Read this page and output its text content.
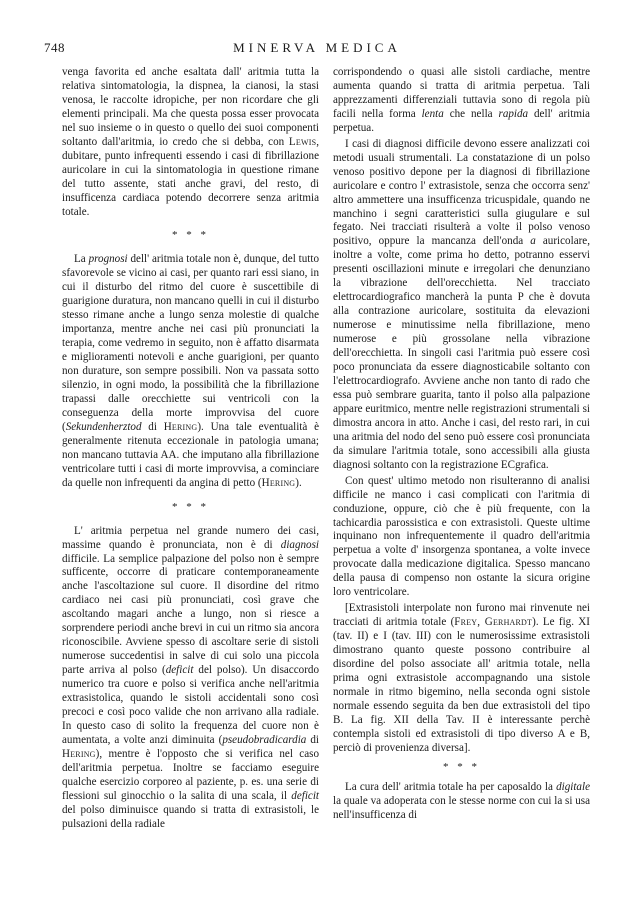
748	MINERVA MEDICA

venga favorita ed anche esaltata dall' aritmia tutta la relativa sintomatologia, la dispnea, la cianosi, la stasi venosa, le raccolte idropiche, per non ricordare che gli elementi principali. Ma che questa possa esser provocata nel suo insieme o in questo o quello dei suoi componenti soltanto dall'aritmia, io credo che si debba, con Lewis, dubitare, punto infrequenti essendo i casi di fibrillazione auricolare in cui la sintomatologia in questione rimane del tutto assente, stati anche gravi, del resto, di insufficenza cardiaca potendo decorrere senza aritmia totale.

* * *

La prognosi dell' aritmia totale non è, dunque, del tutto sfavorevole se vicino ai casi, per quanto rari essi siano, in cui il disturbo del ritmo del cuore è suscettibile di guarigione duratura, non mancano quelli in cui il disturbo stesso rimane anche a lungo senza molestie di qualche importanza, mentre anche nei casi più pronunciati la terapia, come vedremo in seguito, non è affatto disarmata e miglioramenti notevoli e anche guarigioni, per quanto non durature, son sempre possibili. Non va passata sotto silenzio, in ogni modo, la possibilità che la fibrillazione trapassi dalle orecchiette sui ventricoli con la conseguenza della morte improvvisa del cuore (Sekundenherztod di Hering). Una tale eventualità è generalmente ritenuta eccezionale in patologia umana; non mancano tuttavia AA. che imputano alla fibrillazione ventricolare tutti i casi di morte improvvisa, a cominciare da quelle non infrequenti da angina di petto (Hering).

* * *

L' aritmia perpetua nel grande numero dei casi, massime quando è pronunciata, non è di diagnosi difficile. La semplice palpazione del polso non è sempre sufficente, occorre di praticare contemporaneamente anche l'ascoltazione sul cuore. Il disordine del ritmo cardiaco nei casi più pronunciati, così grave che ascoltando magari anche a lungo, non si riesce a sorprendere periodi anche brevi in cui un ritmo sia ancora riconoscibile. Avviene spesso di ascoltare serie di sistoli numerose succedentisi in salve di cui solo una piccola parte arriva al polso (deficit del polso). Un disaccordo numerico tra cuore e polso si verifica anche nell'aritmia extrasistolica, quando le sistoli accidentali sono così precoci e così poco valide che non arrivano alla radiale. In questo caso di solito la frequenza del cuore non è aumentata, a volte anzi diminuita (pseudobradicardia di Hering), mentre è l'opposto che si verifica nel caso dell'aritmia perpetua. Inoltre se facciamo eseguire qualche esercizio corporeo al paziente, p. es. una serie di flessioni sul ginocchio o la salita di una scala, il deficit del polso diminuisce quando si tratta di extrasistoli, le pulsazioni della radiale

corrispondendo o quasi alle sistoli cardiache, mentre aumenta quando si tratta di aritmia perpetua. Tali apprezzamenti differenziali tuttavia sono di regola più facili nella forma lenta che nella rapida dell' aritmia perpetua.

I casi di diagnosi difficile devono essere analizzati coi metodi usuali strumentali. La constatazione di un polso venoso positivo depone per la diagnosi di fibrillazione auricolare e contro l' extrasistole, senza che occorra senz' altro ammettere una insufficenza tricuspidale, quando ne manchino i segni caratteristici sulla giugulare e sul fegato. Nei tracciati risulterà a volte il polso venoso positivo, oppure la mancanza dell'onda a auricolare, inoltre a volte, come prima ho detto, potranno esservi presenti oscillazioni minute e irregolari che denunziano la vibrazione dell'orecchietta. Nel tracciato elettrocardiografico mancherà la punta P che è dovuta alla contrazione auricolare, sostituita da elevazioni numerose e minutissime nella fibrillazione, meno numerose e più grossolane nella vibrazione dell'orecchietta. In singoli casi l'aritmia può essere così poco pronunciata da essere diagnosticabile soltanto con l'elettrocardiografo. Avviene anche non tanto di rado che essa può sembrare guarita, tanto il polso alla palpazione appare euritmico, mentre nelle registrazioni strumentali si dimostra ancora in atto. Anche i casi, del resto rari, in cui una aritmia del nodo del seno può essere così pronunciata da simulare l'aritmia totale, sono accessibili alla giusta diagnosi soltanto con la registrazione ECgrafica.

Con quest' ultimo metodo non risulteranno di analisi difficile ne manco i casi complicati con l'aritmia di conduzione, oppure, ciò che è più frequente, con la tachicardia parossistica e con extrasistoli. Queste ultime inquinano non infrequentemente il quadro dell'aritmia perpetua a volte d' insorgenza spontanea, a volte invece provocate dalla medicazione digitalica. Spesso mancano della pausa di compenso non ostante la sicura origine loro ventricolare.

[Extrasistoli interpolate non furono mai rinvenute nei tracciati di aritmia totale (Frey, Gerhardt). Le fig. XI (tav. II) e I (tav. III) con le numerosissime extrasistoli dimostrano quanto queste possono contribuire al disordine del polso associate all' aritmia totale, nella prima ogni extrasistole accompagnando una sistole normale in ritmo bigemino, nella seconda ogni sistole normale essendo seguita da ben due extrasistoli del tipo B. La fig. XII della Tav. II è interessante perchè contempla sistoli ed extrasistoli di tipo diverso A e B, perciò di provenienza diversa].

* * *

La cura dell' aritmia totale ha per caposaldo la digitale la quale va adoperata con le stesse norme con cui la si usa nell'insufficenza di
